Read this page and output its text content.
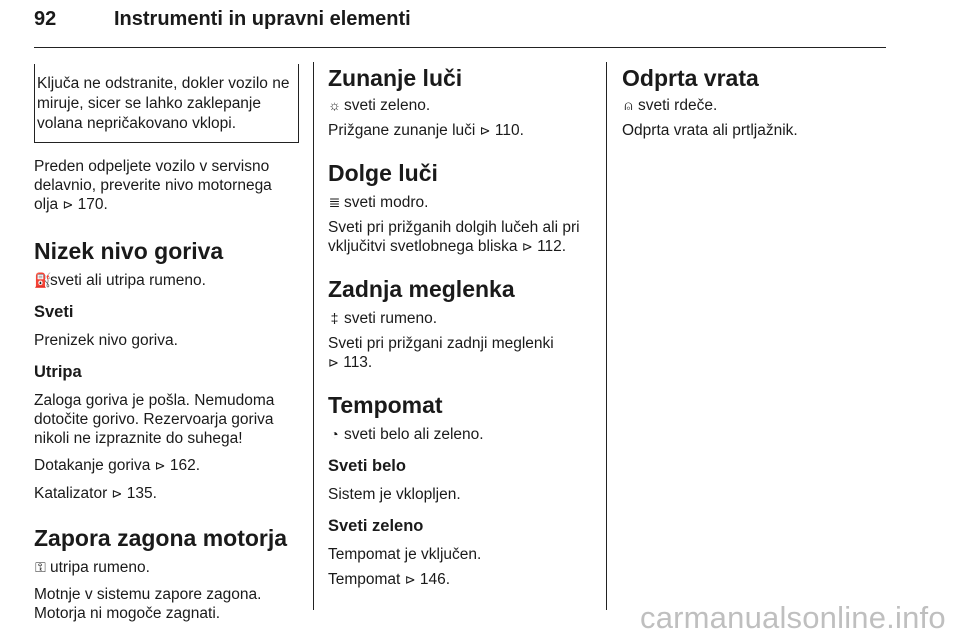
92	Instrumenti in upravni elementi
Ključa ne odstranite, dokler vozilo ne miruje, sicer se lahko zaklepanje volana nepričakovano vklopi.

Preden odpeljete vozilo v servisno delavnio, preverite nivo motornega olja ⊳ 170.

Nizek nivo goriva

⛽sveti ali utripa rumeno.

Sveti

Prenizek nivo goriva.

Utripa

Zaloga goriva je pošla. Nemudoma dotočite gorivo. Rezervoarja goriva nikoli ne izpraznite do suhega!

Dotakanje goriva ⊳ 162.

Katalizator ⊳ 135.

Zapora zagona motorja

⚿ utripa rumeno.

Motnje v sistemu zapore zagona. Motorja ni mogoče zagnati.

Zunanje luči

☼ sveti zeleno.

Prižgane zunanje luči ⊳ 110.

Dolge luči

≣ sveti modro.

Sveti pri prižganih dolgih lučeh ali pri vključitvi svetlobnega bliska ⊳ 112.

Zadnja meglenka

‡ sveti rumeno.

Sveti pri prižgani zadnji meglenki
⊳ 113.

Tempomat

◔ sveti belo ali zeleno.

Sveti belo

Sistem je vklopljen.

Sveti zeleno

Tempomat je vključen.

Tempomat ⊳ 146.

Odprta vrata

⍝ sveti rdeče.

Odprta vrata ali prtljažnik.

carmanualsonline.info
